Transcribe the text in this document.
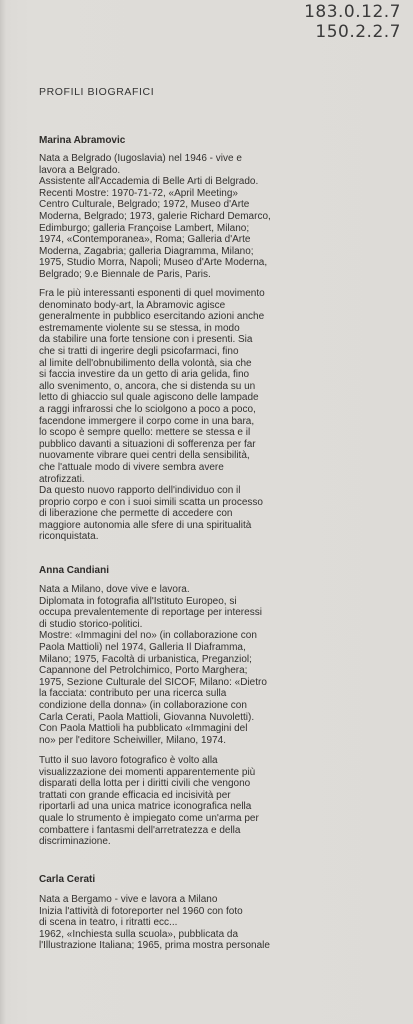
183.0.12.7
150.2.2.7
PROFILI BIOGRAFICI
Marina Abramovic
Nata a Belgrado (Iugoslavia) nel 1946 - vive e
lavora a Belgrado.
Assistente all'Accademia di Belle Arti di Belgrado.
Recenti Mostre: 1970-71-72, «April Meeting»
Centro Culturale, Belgrado; 1972, Museo d'Arte
Moderna, Belgrado; 1973, galerie Richard Demarco,
Edimburgo; galleria Françoise Lambert, Milano;
1974, «Contemporanea», Roma; Galleria d'Arte
Moderna, Zagabria; galleria Diagramma, Milano;
1975, Studio Morra, Napoli; Museo d'Arte Moderna,
Belgrado; 9.e Biennale de Paris, Paris.
Fra le più interessanti esponenti di quel movimento
denominato body-art, la Abramovic agisce
generalmente in pubblico esercitando azioni anche
estremamente violente su se stessa, in modo
da stabilire una forte tensione con i presenti. Sia
che si tratti di ingerire degli psicofarmaci, fino
al limite dell'obnubilimento della volontà, sia che
si faccia investire da un getto di aria gelida, fino
allo svenimento, o, ancora, che si distenda su un
letto di ghiaccio sul quale agiscono delle lampade
a raggi infrarossi che lo sciolgono a poco a poco,
facendone immergere il corpo come in una bara,
lo scopo è sempre quello: mettere se stessa e il
pubblico davanti a situazioni di sofferenza per far
nuovamente vibrare quei centri della sensibilità,
che l'attuale modo di vivere sembra avere
atrofizzati.
Da questo nuovo rapporto dell'individuo con il
proprio corpo e con i suoi simili scatta un processo
di liberazione che permette di accedere con
maggiore autonomia alle sfere di una spiritualità
riconquistata.
Anna Candiani
Nata a Milano, dove vive e lavora.
Diplomata in fotografia all'Istituto Europeo, si
occupa prevalentemente di reportage per interessi
di studio storico-politici.
Mostre: «Immagini del no» (in collaborazione con
Paola Mattioli) nel 1974, Galleria Il Diaframma,
Milano; 1975, Facoltà di urbanistica, Preganziol;
Capannone del Petrolchimico, Porto Marghera;
1975, Sezione Culturale del SICOF, Milano: «Dietro
la facciata: contributo per una ricerca sulla
condizione della donna» (in collaborazione con
Carla Cerati, Paola Mattioli, Giovanna Nuvoletti).
Con Paola Mattioli ha pubblicato «Immagini del
no» per l'editore Scheiwiller, Milano, 1974.
Tutto il suo lavoro fotografico è volto alla
visualizzazione dei momenti apparentemente più
disparati della lotta per i diritti civili che vengono
trattati con grande efficacia ed incisività per
riportarli ad una unica matrice iconografica nella
quale lo strumento è impiegato come un'arma per
combattere i fantasmi dell'arretratezza e della
discriminazione.
Carla Cerati
Nata a Bergamo - vive e lavora a Milano
Inizia l'attività di fotoreporter nel 1960 con foto
di scena in teatro, i ritratti ecc...
1962, «Inchiesta sulla scuola», pubblicata da
l'Illustrazione Italiana; 1965, prima mostra personale
